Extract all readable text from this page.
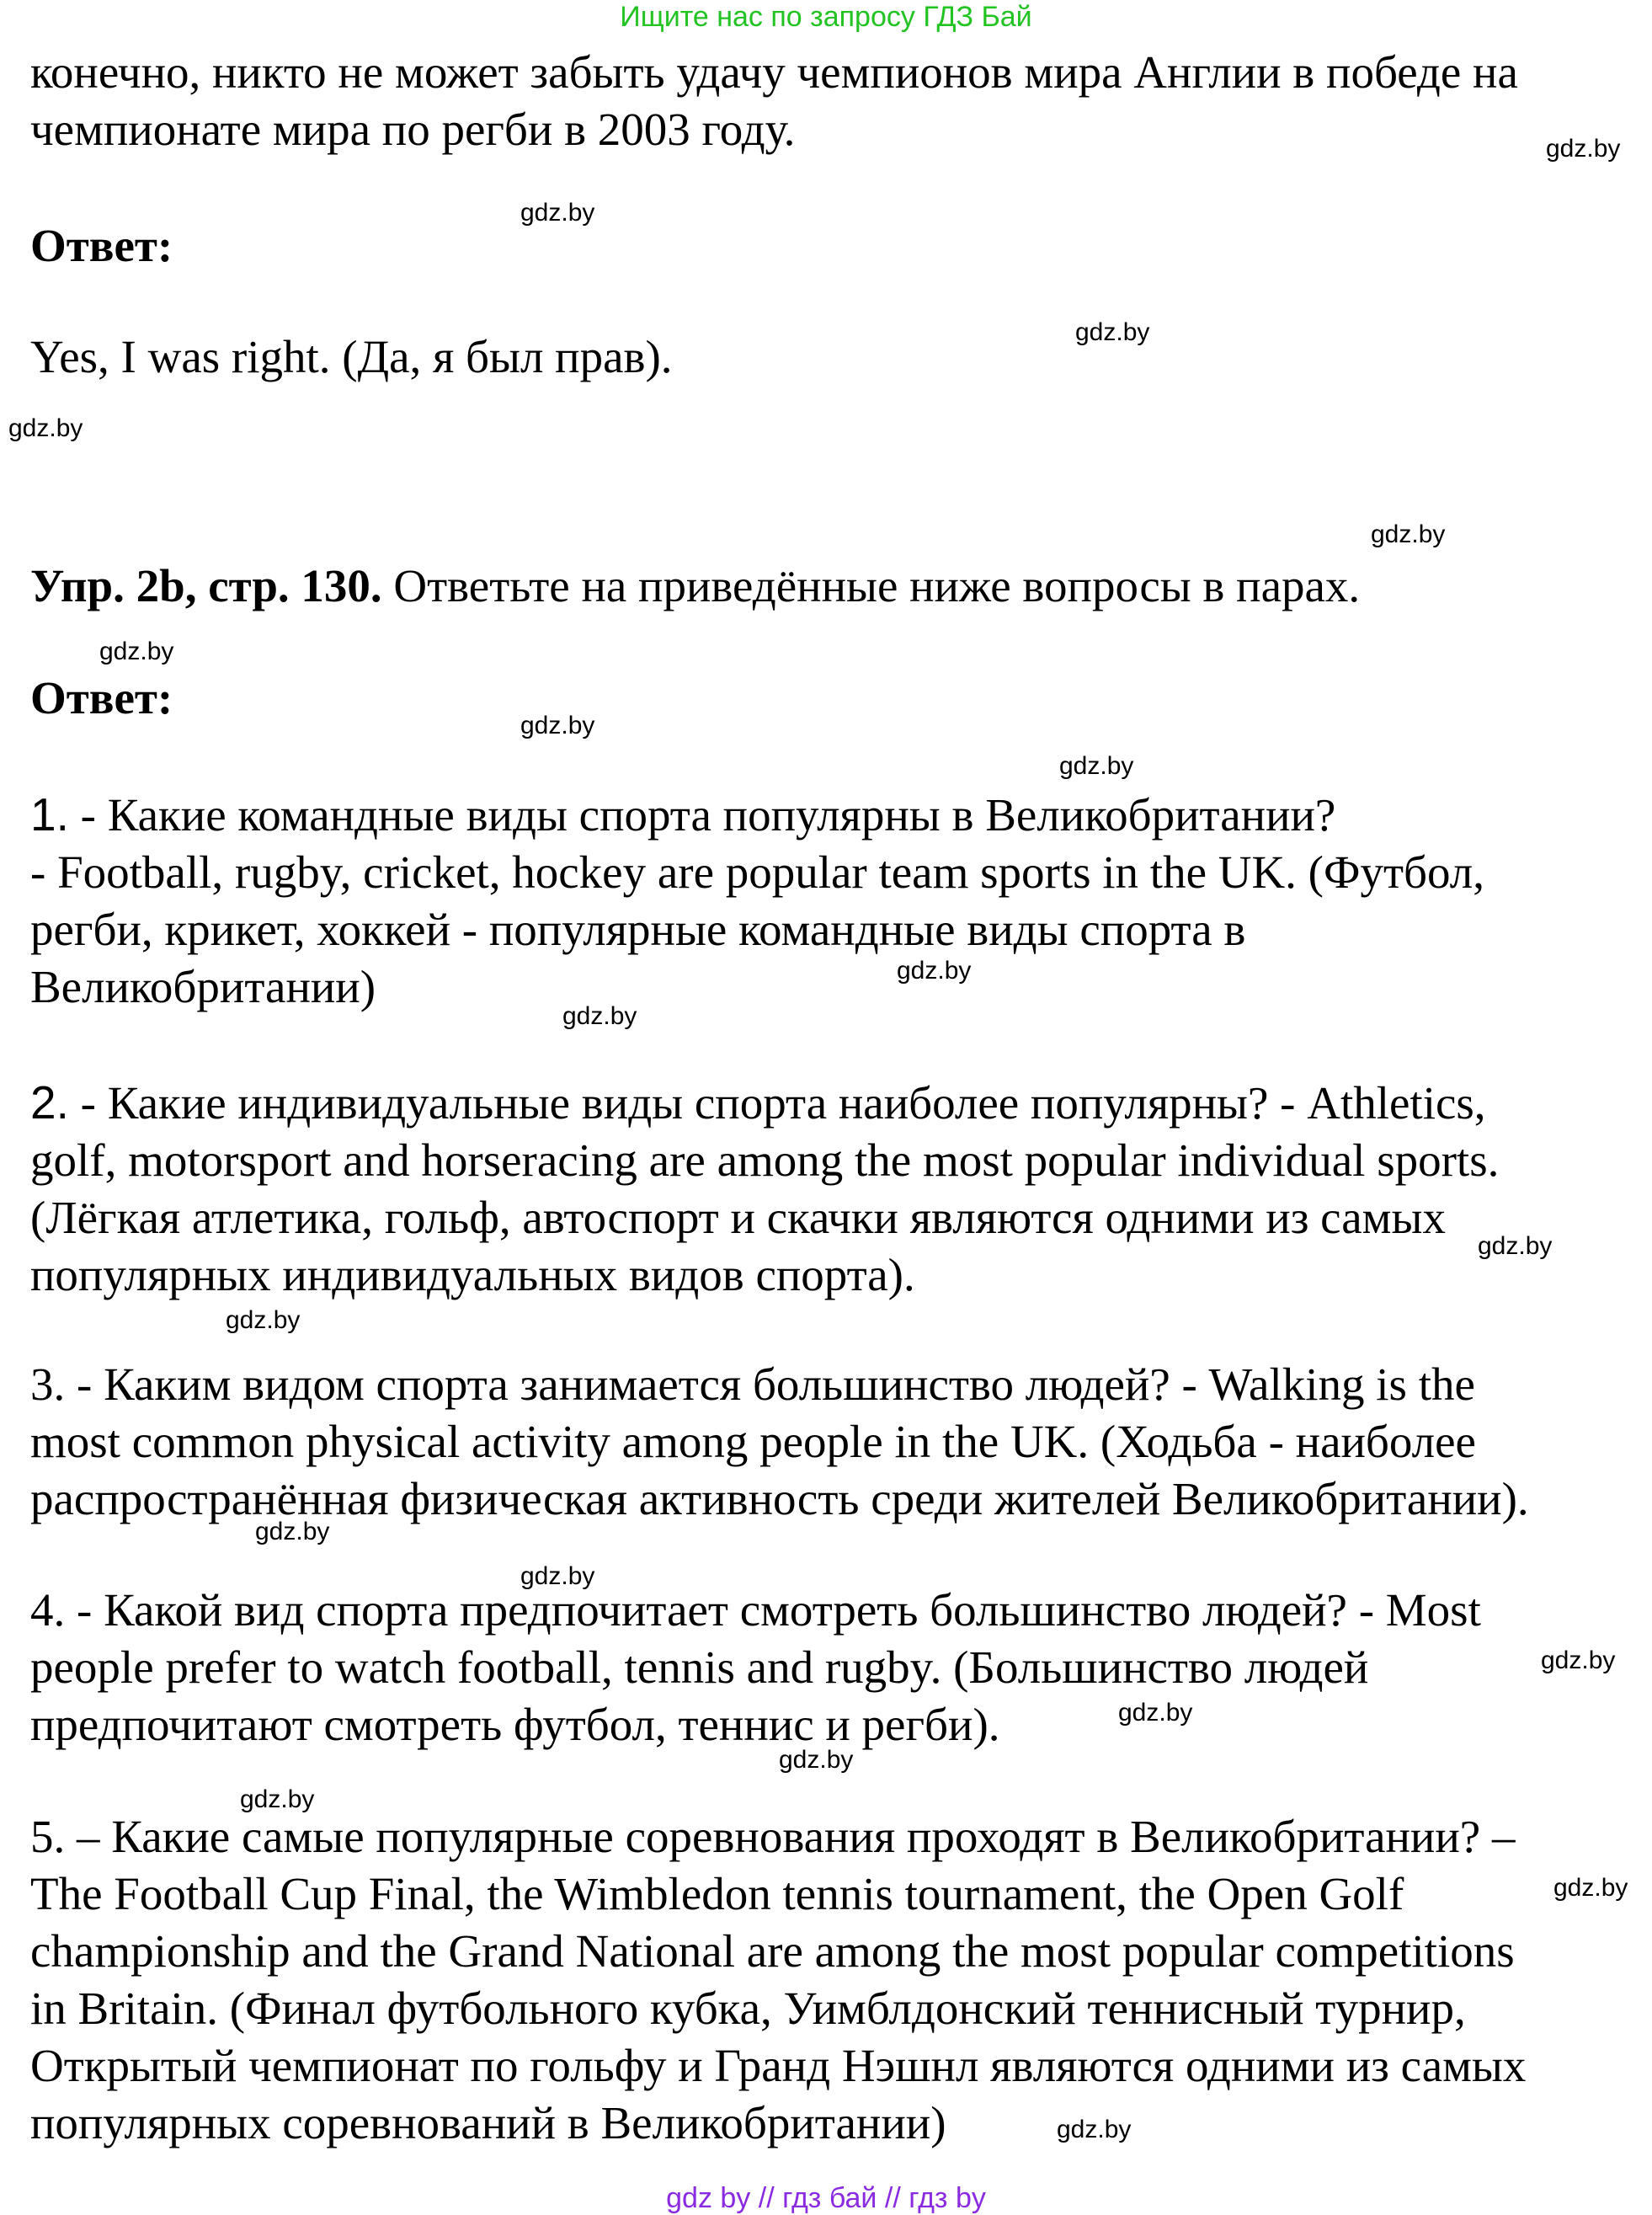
Ищите нас по запросу ГДЗ Бай
конечно, никто не может забыть удачу чемпионов мира Англии в победе на
чемпионате мира по регби в 2003 году.
Ответ:
Yes, I was right. (Да, я был прав).
Упр. 2b, стр. 130. Ответьте на приведённые ниже вопросы в парах.
Ответ:
1. - Какие командные виды спорта популярны в Великобритании?
- Football, rugby, cricket, hockey are popular team sports in the UK. (Футбол,
регби, крикет, хоккей - популярные командные виды спорта в
Великобритании)
2. - Какие индивидуальные виды спорта наиболее популярны? - Athletics,
golf, motorsport and horseracing are among the most popular individual sports.
(Лёгкая атлетика, гольф, автоспорт и скачки являются одними из самых
популярных индивидуальных видов спорта).
3. - Каким видом спорта занимается большинство людей? - Walking is the
most common physical activity among people in the UK. (Ходьба - наиболее
распространённая физическая активность среди жителей Великобритании).
4. - Какой вид спорта предпочитает смотреть большинство людей? - Most
people prefer to watch football, tennis and rugby. (Большинство людей
предпочитают смотреть футбол, теннис и регби).
5. – Какие самые популярные соревнования проходят в Великобритании? –
The Football Cup Final, the Wimbledon tennis tournament, the Open Golf
championship and the Grand National are among the most popular competitions
in Britain. (Финал футбольного кубка, Уимблдонский теннисный турнир,
Открытый чемпионат по гольфу и Гранд Нэшнл являются одними из самых
популярных соревнований в Великобритании)
gdz.by
gdz.by
gdz.by
gdz.by
gdz.by
gdz.by
gdz.by
gdz.by
gdz.by
gdz.by
gdz.by
gdz.by
gdz.by
gdz.by
gdz.by
gdz.by
gdz.by
gdz.by
gdz.by
gdz.by
gdz by // гдз бай // гдз by
